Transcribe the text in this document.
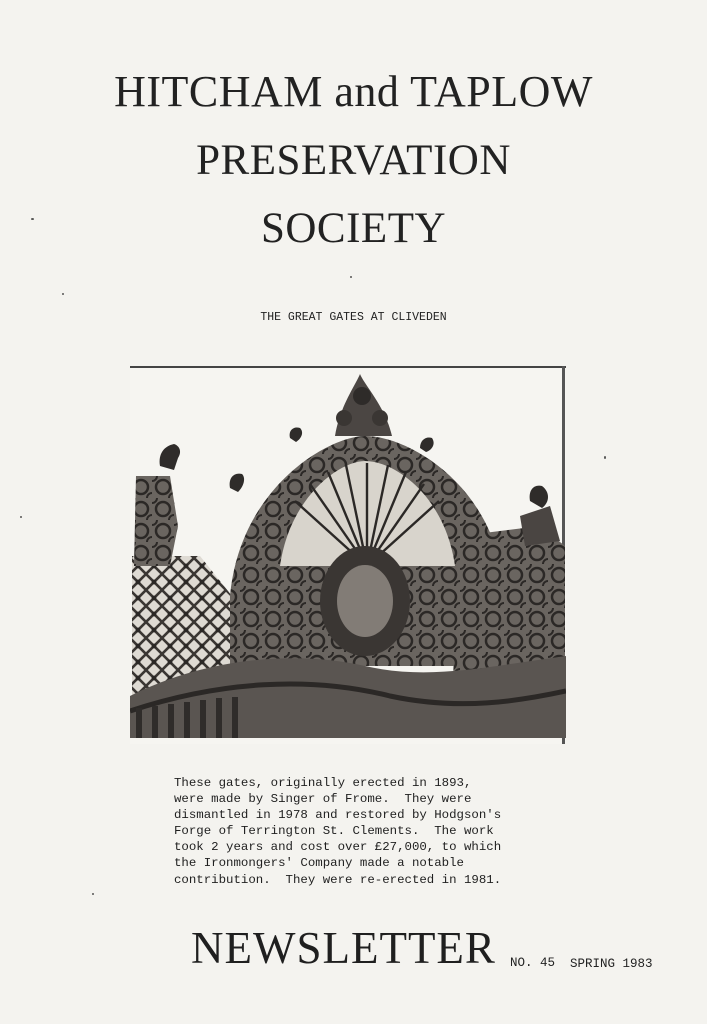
HITCHAM and TAPLOW
PRESERVATION
SOCIETY
THE GREAT GATES AT CLIVEDEN
These gates, originally erected in 1893,
were made by Singer of Frome.  They were
dismantled in 1978 and restored by Hodgson's
Forge of Terrington St. Clements.  The work
took 2 years and cost over £27,000, to which
the Ironmongers' Company made a notable
contribution.  They were re-erected in 1981.
NEWSLETTER NO. 45 SPRING 1983
